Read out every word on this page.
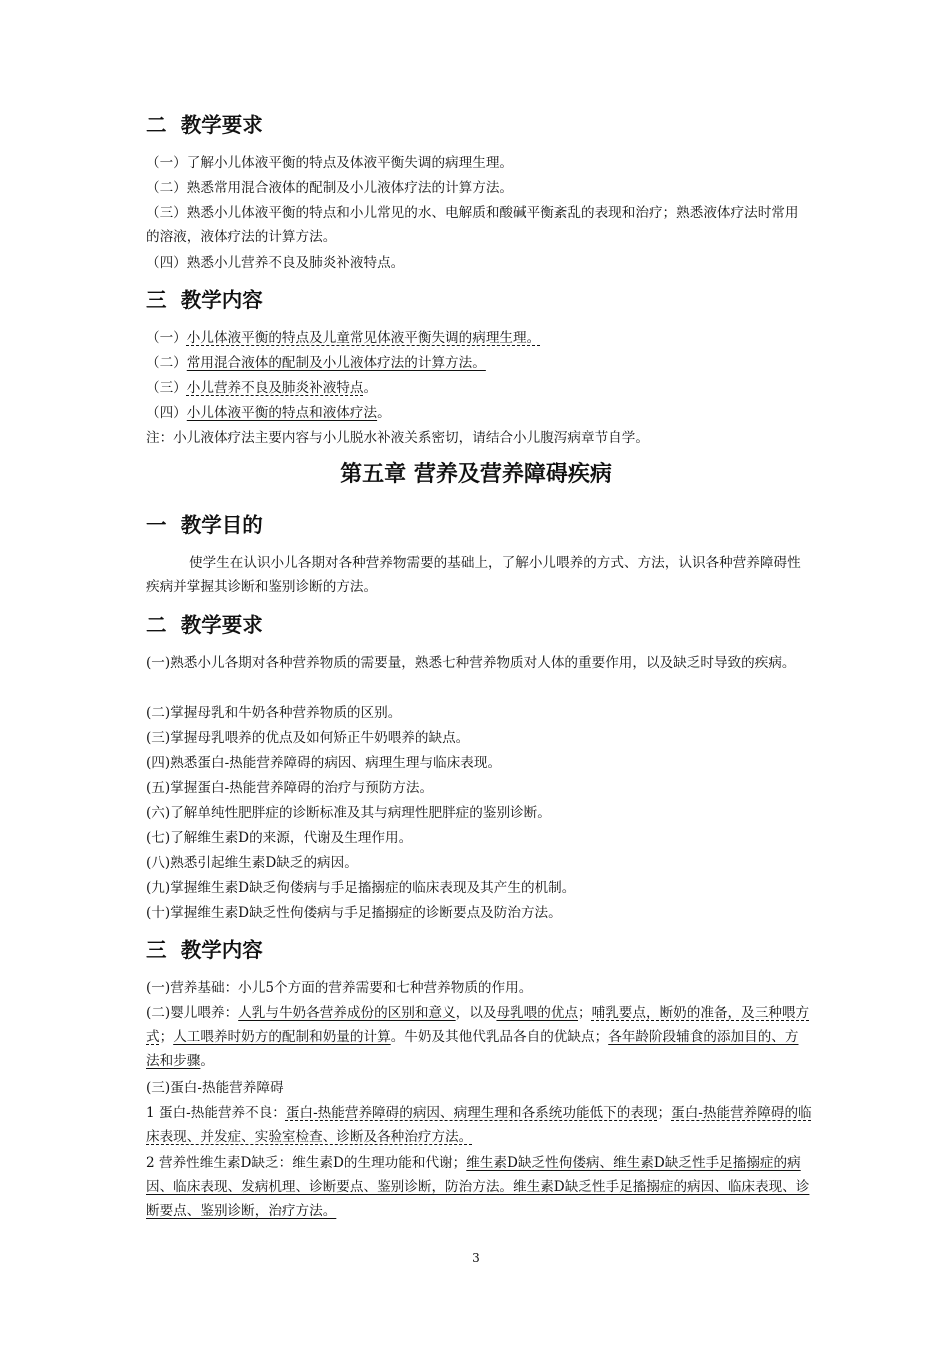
二  教学要求

（一）了解小儿体液平衡的特点及体液平衡失调的病理生理。

（二）熟悉常用混合液体的配制及小儿液体疗法的计算方法。

（三）熟悉小儿体液平衡的特点和小儿常见的水、电解质和酸碱平衡紊乱的表现和治疗；熟悉液体疗法时常用的溶液，液体疗法的计算方法。

（四）熟悉小儿营养不良及肺炎补液特点。

三  教学内容

（一）小儿体液平衡的特点及儿童常见体液平衡失调的病理生理。

（二）常用混合液体的配制及小儿液体疗法的计算方法。

（三）小儿营养不良及肺炎补液特点。

（四）小儿体液平衡的特点和液体疗法。

注：小儿液体疗法主要内容与小儿脱水补液关系密切，请结合小儿腹泻病章节自学。

第五章 营养及营养障碍疾病
一  教学目的

使学生在认识小儿各期对各种营养物需要的基础上，了解小儿喂养的方式、方法，认识各种营养障碍性疾病并掌握其诊断和鉴别诊断的方法。

二  教学要求

(一)熟悉小儿各期对各种营养物质的需要量，熟悉七种营养物质对人体的重要作用，以及缺乏时导致的疾病。

(二)掌握母乳和牛奶各种营养物质的区别。

(三)掌握母乳喂养的优点及如何矫正牛奶喂养的缺点。

(四)熟悉蛋白-热能营养障碍的病因、病理生理与临床表现。

(五)掌握蛋白-热能营养障碍的治疗与预防方法。

(六)了解单纯性肥胖症的诊断标准及其与病理性肥胖症的鉴别诊断。

(七)了解维生素D的来源，代谢及生理作用。

(八)熟悉引起维生素D缺乏的病因。

(九)掌握维生素D缺乏佝偻病与手足搐搦症的临床表现及其产生的机制。

(十)掌握维生素D缺乏性佝偻病与手足搐搦症的诊断要点及防治方法。

三  教学内容

(一)营养基础：小儿5个方面的营养需要和七种营养物质的作用。

(二)婴儿喂养：人乳与牛奶各营养成份的区别和意义，以及母乳喂的优点；哺乳要点，断奶的准备，及三种喂方式；人工喂养时奶方的配制和奶量的计算。牛奶及其他代乳品各自的优缺点；各年龄阶段辅食的添加目的、方法和步骤。

(三)蛋白-热能营养障碍

1 蛋白-热能营养不良：蛋白-热能营养障碍的病因、病理生理和各系统功能低下的表现；蛋白-热能营养障碍的临床表现、并发症、实验室检查、诊断及各种治疗方法。

2 营养性维生素D缺乏：维生素D的生理功能和代谢；维生素D缺乏性佝偻病、维生素D缺乏性手足搐搦症的病因、临床表现、发病机理、诊断要点、鉴别诊断，防治方法。维生素D缺乏性手足搐搦症的病因、临床表现、诊断要点、鉴别诊断，治疗方法。

3
